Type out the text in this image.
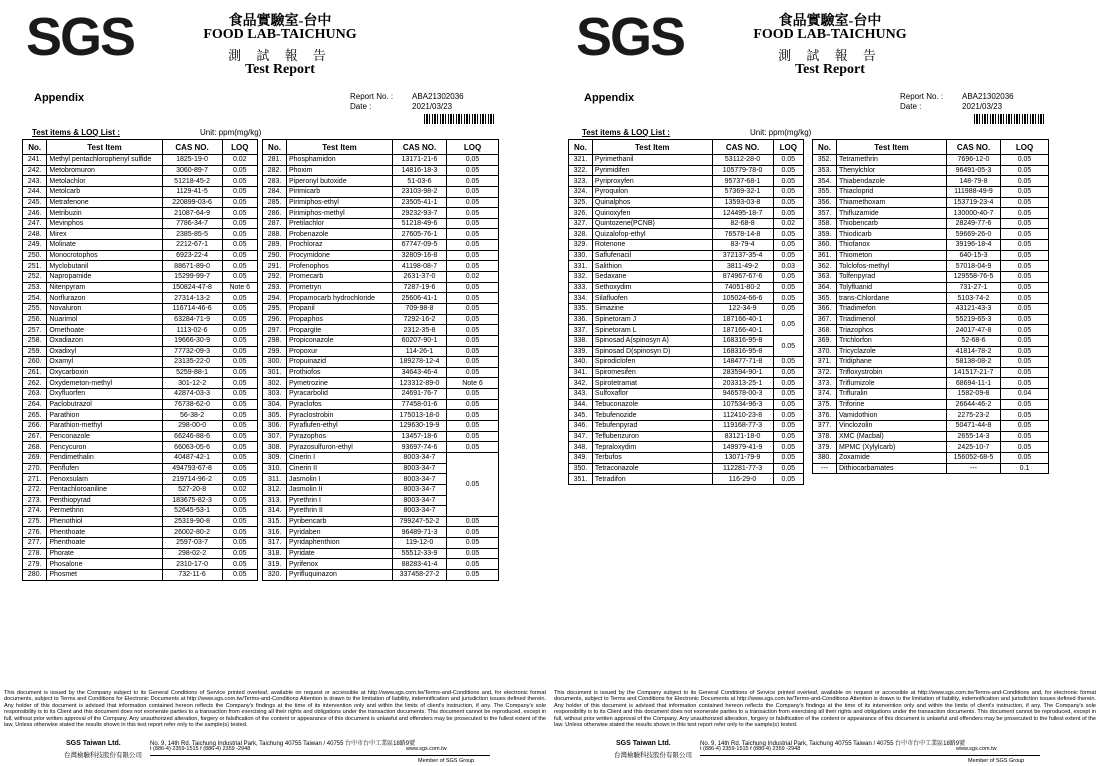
SGS	食品實驗室-台中
FOOD LAB-TAICHUNG
測 試 報 告
Test Report
Appendix	Report No. : ABA21302036
Date :	2021/03/23
Test items & LOQ List :	Unit: ppm(mg/kg)
No.	Test Item	CAS NO.	LOQ
241.	Methyl pentachlorophenyl sulfide	1825-19-0	0.02
242.	Metobromuron	3060-89-7	0.05
243.	Metolachlor	51218-45-2	0.05
244.	Metolcarb	1129-41-5	0.05
245.	Metrafenone	220899-03-6	0.05
246.	Metribuzin	21087-64-9	0.05
247.	Mevinphos	7786-34-7	0.05
248.	Mirex	2385-85-5	0.05
249.	Molinate	2212-67-1	0.05
250.	Monocrotophos	6923-22-4	0.05
251.	Myclobutanil	88671-89-0	0.05
252.	Napropamide	15299-99-7	0.05
253.	Nitenpyram	150824-47-8	Note 6
254.	Norflurazon	27314-13-2	0.05
255.	Novaluron	116714-46-6	0.05
256.	Nuarimol	63284-71-9	0.05
257.	Omethoate	1113-02-6	0.05
258.	Oxadiazon	19666-30-9	0.05
259.	Oxadixyl	77732-09-3	0.05
260.	Oxamyl	23135-22-0	0.05
261.	Oxycarboxin	5259-88-1	0.05
262.	Oxydemeton-methyl	301-12-2	0.05
263.	Oxyfluorfen	42874-03-3	0.05
264.	Paclobutrazol	76738-62-0	0.05
265.	Parathion	56-38-2	0.05
266.	Parathion-methyl	298-00-0	0.05
267.	Penconazole	66246-88-6	0.05
268.	Pencycuron	66063-05-6	0.05
269.	Pendimethalin	40487-42-1	0.05
270.	Penflufen	494793-67-8	0.05
271.	Penoxsulam	219714-96-2	0.05
272.	Pentachloroaniline	527-20-8	0.02
273.	Penthiopyrad	183675-82-3	0.05
274.	Permethrin	52645-53-1	0.05
275.	Phenothiol	25319-90-8	0.05
276.	Phenthoate	26002-80-2	0.05
277.	Phenthoate	2597-03-7	0.05
278.	Phorate	298-02-2	0.05
279.	Phosalone	2310-17-0	0.05
280.	Phosmet	732-11-6	0.05
No.	Test Item	CAS NO.	LOQ
281.	Phosphamidon	13171-21-6	0.05
282.	Phoxim	14816-18-3	0.05
283.	Piperonyl butoxide	51-03-6	0.05
284.	Pirimicarb	23103-98-2	0.05
285.	Pirimiphos-ethyl	23505-41-1	0.05
286.	Pirimiphos-methyl	29232-93-7	0.05
287.	Pretilachlor	51218-49-6	0.05
288.	Probenazole	27605-76-1	0.05
289.	Prochloraz	67747-09-5	0.05
290.	Procymidone	32809-16-8	0.05
291.	Profenophos	41198-08-7	0.05
292.	Promecarb	2631-37-0	0.02
293.	Prometryn	7287-19-6	0.05
294.	Propamocarb hydrochloride	25606-41-1	0.05
295.	Propanil	709-98-8	0.05
296.	Propaphos	7292-16-2	0.05
297.	Propargite	2312-35-8	0.05
298.	Propiconazole	60207-90-1	0.05
299.	Propoxur	114-26-1	0.05
300.	Propuinazid	189278-12-4	0.05
301.	Prothiofos	34643-46-4	0.05
302.	Pymetrozine	123312-89-0	Note 6
303.	Pyracarbolid	24691-76-7	0.05
304.	Pyraclofos	77458-01-6	0.05
305.	Pyraclostrobin	175013-18-0	0.05
306.	Pyraflufen-ethyl	129630-19-9	0.05
307.	Pyrazophos	13457-18-6	0.05
308.	Pyrazosulfuron-ethyl	93697-74-6	0.05
309.	Cinerin I	8003-34-7	0.05
310.	Cinerin II	8003-34-7	
311.	Jasmolin I	8003-34-7	
312.	Jasmolin II	8003-34-7	
313.	Pyrethrin I	8003-34-7	
314.	Pyrethrin II	8003-34-7	
315.	Pyribencarb	799247-52-2	0.05
316.	Pyridaben	96489-71-3	0.05
317.	Pyridaphenthion	119-12-0	0.05
318.	Pyridate	55512-33-9	0.05
319.	Pyrifenox	88283-41-4	0.05
320.	Pyrifluquinazon	337458-27-2	0.05
This document is issued by the Company subject to its General Conditions of Service printed overleaf, available on request or accessible at http://www.sgs.com.tw/Terms-and-Conditions and, for electronic format documents, subject to Terms and Conditions for Electronic Documents at http://www.sgs.com.tw/Terms-and-Conditions Attention is drawn to the limitation of liability, indemnification and jurisdiction issues defined therein. Any holder of this document is advised that information contained hereon reflects the Company's findings at the time of its intervention only and within the limits of client's instruction, if any. The Company's sole responsibility is to its Client and this document does not exonerate parties to a transaction from exercising all their rights and obligations under the transaction documents. This document cannot be reproduced, except in full, without prior written approval of the Company. Any unauthorized alteration, forgery or falsification of the content or appearance of this document is unlawful and offenders may be prosecuted to the fullest extent of the law. Unless otherwise stated the results shown in this test report refer only to the sample(s) tested.
SGS Taiwan Ltd.
台灣檢驗科技股份有限公司
No. 9, 14th Rd. Taichung Industrial Park, Taichung 40755 Taiwan / 40755 台中市台中工業區18路9號
t (886-4) 2359-1515 f (886-4) 2359 -2948	www.sgs.com.tw
Member of SGS Group
SGS	食品實驗室-台中
FOOD LAB-TAICHUNG
測 試 報 告
Test Report
Appendix	Report No. : ABA21302036
Date :	2021/03/23
Test items & LOQ List :	Unit: ppm(mg/kg)
No.	Test Item	CAS NO.	LOQ
321.	Pyrimethanil	53112-28-0	0.05
322.	Pyrimidifen	105779-78-0	0.05
323.	Pyriproxyfen	95737-68-1	0.05
324.	Pyroquilon	57369-32-1	0.05
325.	Quinalphos	13593-03-8	0.05
326.	Quinoxyfen	124495-18-7	0.05
327.	Quintozene(PCNB)	82-68-8	0.02
328.	Quizalofop-ethyl	76578-14-8	0.05
329.	Rotenone	83-79-4	0.05
330.	Saflufenacil	372137-35-4	0.05
331.	Salithion	3811-49-2	0.03
332.	Sedaxane	874967-67-6	0.05
333.	Sethoxydim	74051-80-2	0.05
334.	Silafluofen	105024-66-6	0.05
335.	Simazine	122-34-9	0.05
336.	Spinetoram J	187166-40-1	0.05
337.	Spinetoram L	187166-40-1	
338.	Spinosad A(spinosyn A)	168316-95-8	0.05
339.	Spinosad D(spinosyn D)	168316-95-8	
340.	Spirodiclofen	148477-71-8	0.05
341.	Spiromesifen	283594-90-1	0.05
342.	Spirotetramat	203313-25-1	0.05
343.	Sulfoxaflor	946578-00-3	0.05
344.	Tebuconazole	107534-96-3	0.05
345.	Tebufenozide	112410-23-8	0.05
346.	Tebufenpyrad	119168-77-3	0.05
347.	Teflubenzuron	83121-18-0	0.05
348.	Tepraloxydim	149979-41-9	0.05
349.	Terbufos	13071-79-9	0.05
350.	Tetraconazole	112281-77-3	0.05
351.	Tetradifon	116-29-0	0.05
No.	Test Item	CAS NO.	LOQ
352.	Tetramethrin	7696-12-0	0.05
353.	Thenylchlor	96491-05-3	0.05
354.	Thiabendazole	148-79-8	0.05
355.	Thiacloprid	111988-49-9	0.05
356.	Thiamethoxam	153719-23-4	0.05
357.	Thifluzamide	130000-40-7	0.05
358.	Thiobencarb	28249-77-6	0.05
359.	Thiodicarb	59669-26-0	0.05
360.	Thiofanox	39196-18-4	0.05
361.	Thiometon	640-15-3	0.05
362.	Tolclofos-methyl	57018-04-9	0.05
363.	Tolfenpyrad	129558-76-5	0.05
364.	Tolyfluanid	731-27-1	0.05
365.	trans-Chlordane	5103-74-2	0.05
366.	Triadimefon	43121-43-3	0.05
367.	Triadimenol	55219-65-3	0.05
368.	Triazophos	24017-47-8	0.05
369.	Trichlorfon	52-68-6	0.05
370.	Tricyclazole	41814-78-2	0.05
371.	Tridiphane	58138-08-2	0.05
372.	Trifloxystrobin	141517-21-7	0.05
373.	Triflumizole	68694-11-1	0.05
374.	Trifluralin	1582-09-8	0.04
375.	Triforine	26644-46-2	0.05
376.	Vamidothion	2275-23-2	0.05
377.	Vinclozolin	50471-44-8	0.05
378.	XMC (Macbal)	2655-14-3	0.05
379.	MPMC (Xylylcarb)	2425-10-7	0.05
380.	Zoxamide	156052-68-5	0.05
---	Dithiocarbamates	---	0.1
This document is issued by the Company subject to its General Conditions of Service printed overleaf, available on request or accessible at http://www.sgs.com.tw/Terms-and-Conditions and, for electronic format documents, subject to Terms and Conditions for Electronic Documents at http://www.sgs.com.tw/Terms-and-Conditions Attention is drawn to the limitation of liability, indemnification and jurisdiction issues defined therein. Any holder of this document is advised that information contained hereon reflects the Company's findings at the time of its intervention only and within the limits of client's instruction, if any. The Company's sole responsibility is to its Client and this document does not exonerate parties to a transaction from exercising all their rights and obligations under the transaction documents. This document cannot be reproduced, except in full, without prior written approval of the Company. Any unauthorized alteration, forgery or falsification of the content or appearance of this document is unlawful and offenders may be prosecuted to the fullest extent of the law. Unless otherwise stated the results shown in this test report refer only to the sample(s) tested.
SGS Taiwan Ltd.
台灣檢驗科技股份有限公司
No. 9, 14th Rd. Taichung Industrial Park, Taichung 40755 Taiwan / 40755 台中市台中工業區18路9號
t (886-4) 2359-1515 f (886-4) 2359 -2948	www.sgs.com.tw
Member of SGS Group
